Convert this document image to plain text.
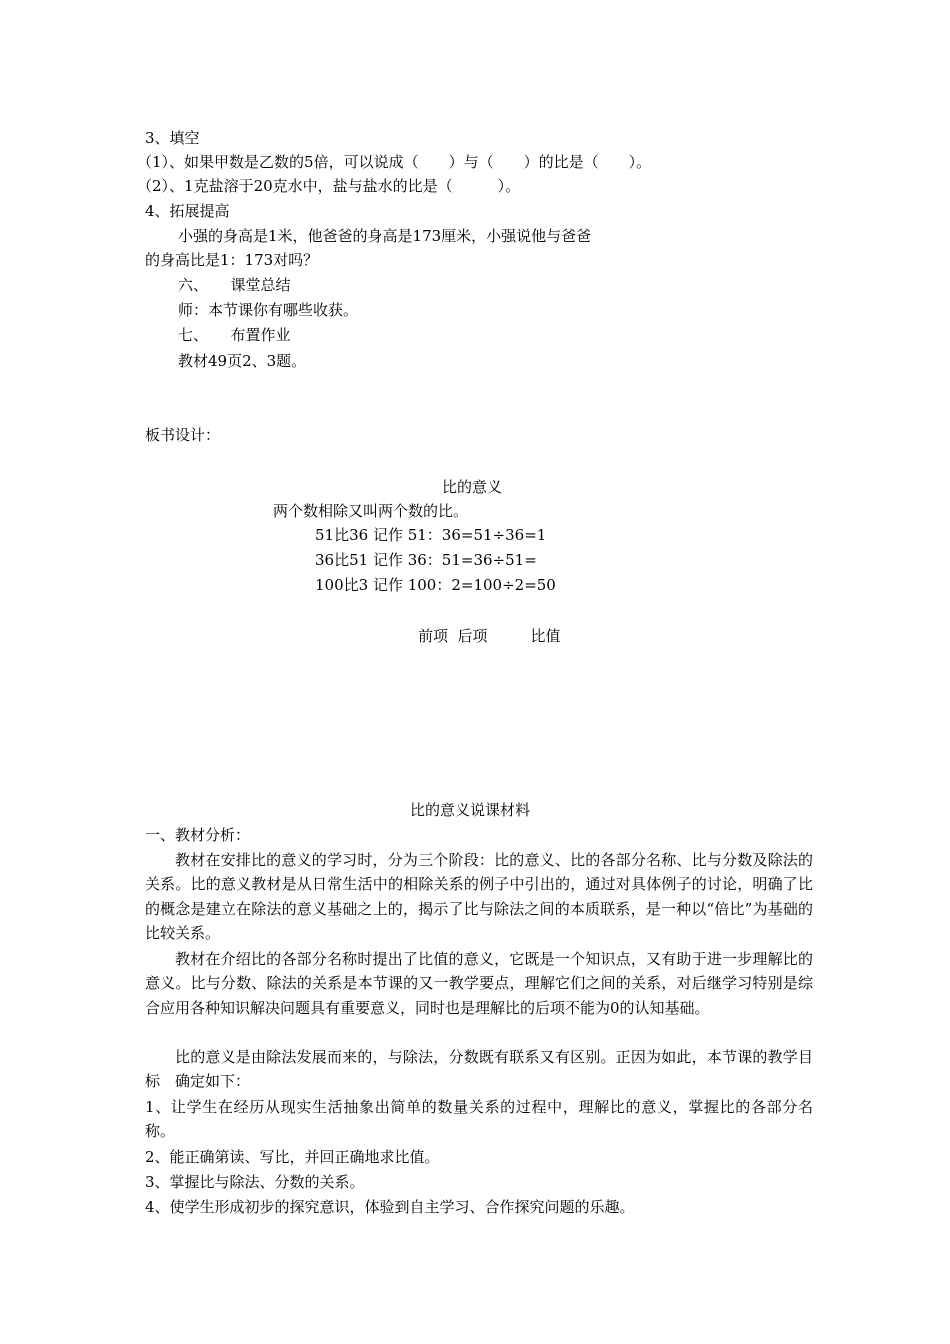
3、填空
（1）、如果甲数是乙数的5倍，可以说成（　　）与（　　）的比是（　　）。
（2）、1克盐溶于20克水中，盐与盐水的比是（　　　）。
4、拓展提高
小强的身高是1米，他爸爸的身高是173厘米，小强说他与爸爸
的身高比是1：173对吗？
六、　　课堂总结
师：本节课你有哪些收获。
七、　　布置作业
教材49页2、3题。
板书设计：
比的意义
两个数相除又叫两个数的比。
51比36 记作 51：36=51÷36=1
36比51 记作 36：51=36÷51=
100比3 记作 100：2=100÷2=50
前项  后项         比值
比的意义说课材料
一、教材分析：
教材在安排比的意义的学习时，分为三个阶段：比的意义、比的各部分名称、比与分数及除法的关系。比的意义教材是从日常生活中的相除关系的例子中引出的，通过对具体例子的讨论，明确了比的概念是建立在除法的意义基础之上的，揭示了比与除法之间的本质联系，是一种以“倍比”为基础的比较关系。
教材在介绍比的各部分名称时提出了比值的意义，它既是一个知识点，又有助于进一步理解比的意义。比与分数、除法的关系是本节课的又一教学要点，理解它们之间的关系，对后继学习特别是综合应用各种知识解决问题具有重要意义，同时也是理解比的后项不能为0的认知基础。
比的意义是由除法发展而来的，与除法，分数既有联系又有区别。正因为如此，本节课的教学目标　确定如下：
1、让学生在经历从现实生活抽象出简单的数量关系的过程中，理解比的意义，掌握比的各部分名称。
2、能正确第读、写比，并回正确地求比值。
3、掌握比与除法、分数的关系。
4、使学生形成初步的探究意识，体验到自主学习、合作探究问题的乐趣。
